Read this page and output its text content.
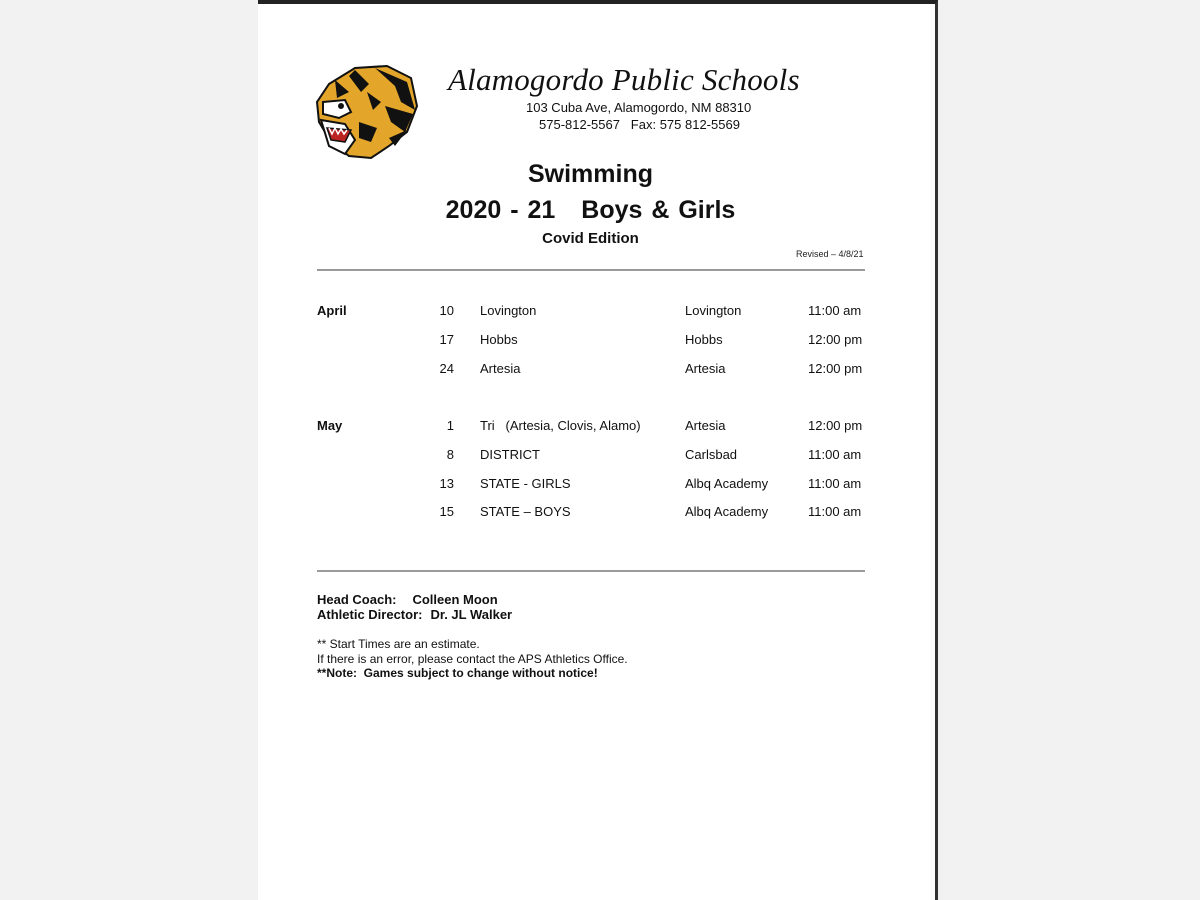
Alamogordo Public Schools
103 Cuba Ave, Alamogordo, NM 88310
575-812-5567   Fax: 575 812-5569
Swimming
2020 - 21 Boys & Girls
Covid Edition
Revised – 4/8/21
April	10 Lovington	Lovington	11:00 am
17 Hobbs	Hobbs	12:00 pm
24 Artesia	Artesia	12:00 pm
May	1 Tri   (Artesia, Clovis, Alamo)	Artesia	12:00 pm
8 DISTRICT	Carlsbad	11:00 am
13 STATE - GIRLS	Albq Academy	11:00 am
15 STATE – BOYS	Albq Academy	11:00 am
Head Coach: Colleen Moon
Athletic Director: Dr. JL Walker
** Start Times are an estimate.
If there is an error, please contact the APS Athletics Office.
**Note:  Games subject to change without notice!
